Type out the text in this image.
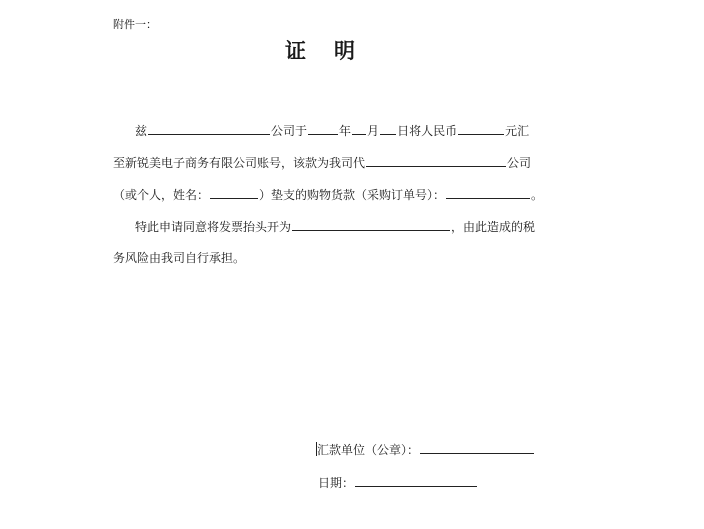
附件一：
证 明
兹	公司于	年 月 日将人民币	元汇
至新锐美电子商务有限公司账号，该款为我司代	公司
（或个人，姓名：	）垫支的购物货款（采购订单号）：	。
特此申请同意将发票抬头开为	，由此造成的税
务风险由我司自行承担。
汇款单位（公章）：
日期：
